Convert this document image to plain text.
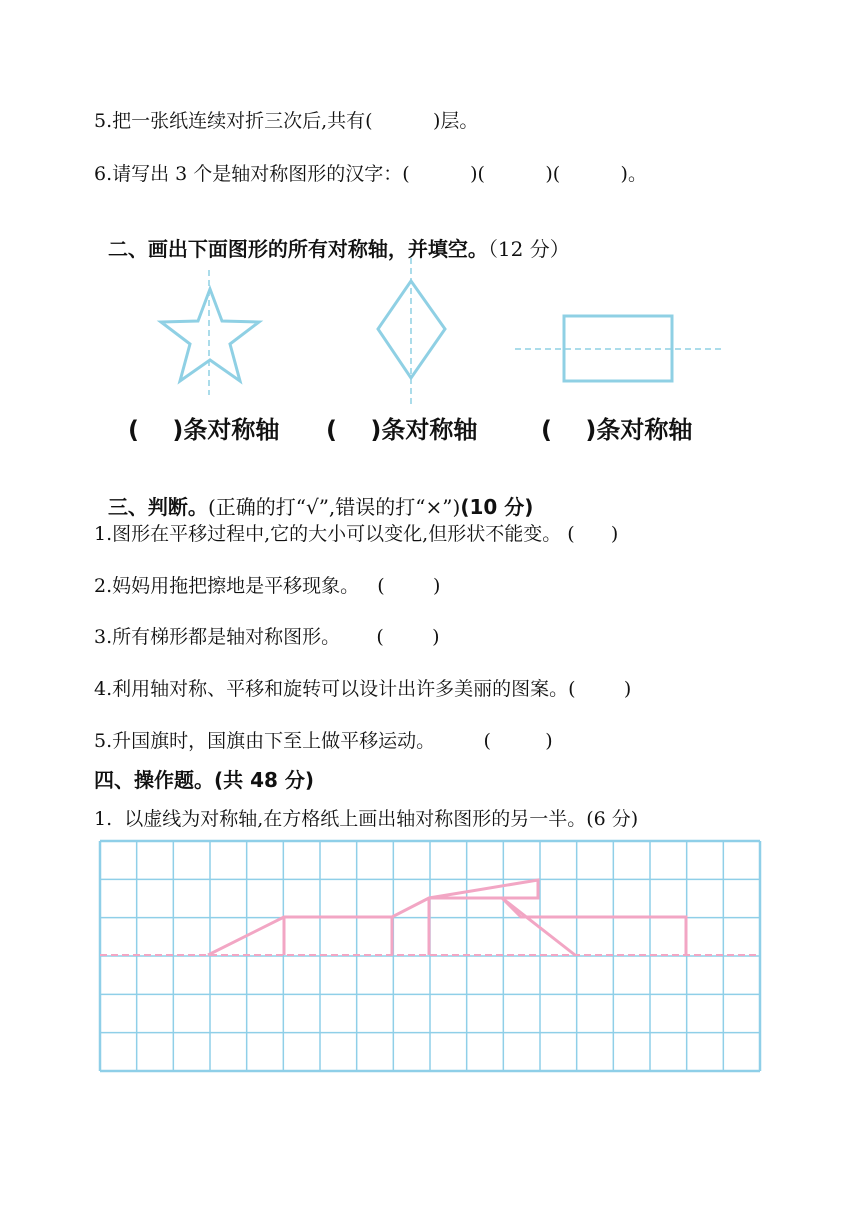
5.把一张纸连续对折三次后,共有(          )层。
6.请写出 3 个是轴对称图形的汉字：(          )(          )(          )。

二、画出下面图形的所有对称轴，并填空。（12 分）

(    )条对称轴 (    )条对称轴	(    )条对称轴

三、判断。(正确的打“√”,错误的打“×”)(10 分)

1.图形在平移过程中,它的大小可以变化,但形状不能变。 (      )
2.妈妈用拖把擦地是平移现象。   (        )
3.所有梯形都是轴对称图形。      (        )
4.利用轴对称、平移和旋转可以设计出许多美丽的图案。(        )
5.升国旗时，国旗由下至上做平移运动。        (         )
四、操作题。(共 48 分)
1.  以虚线为对称轴,在方格纸上画出轴对称图形的另一半。(6 分)
